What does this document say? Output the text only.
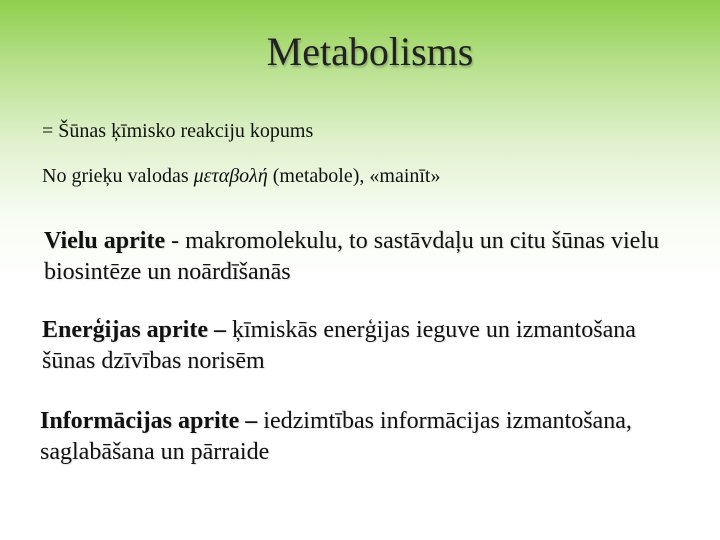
Metabolisms
= Šūnas ķīmisko reakciju kopums
No grieķu valodas μεταβολή (metabole), «mainīt»
Vielu aprite - makromolekulu, to sastāvdaļu un citu šūnas vielu biosintēze un noārdīšanās
Enerģijas aprite – ķīmiskās enerģijas ieguve un izmantošana šūnas dzīvības norisēm
Informācijas aprite – iedzimtības informācijas izmantošana, saglabāšana un pārraide
